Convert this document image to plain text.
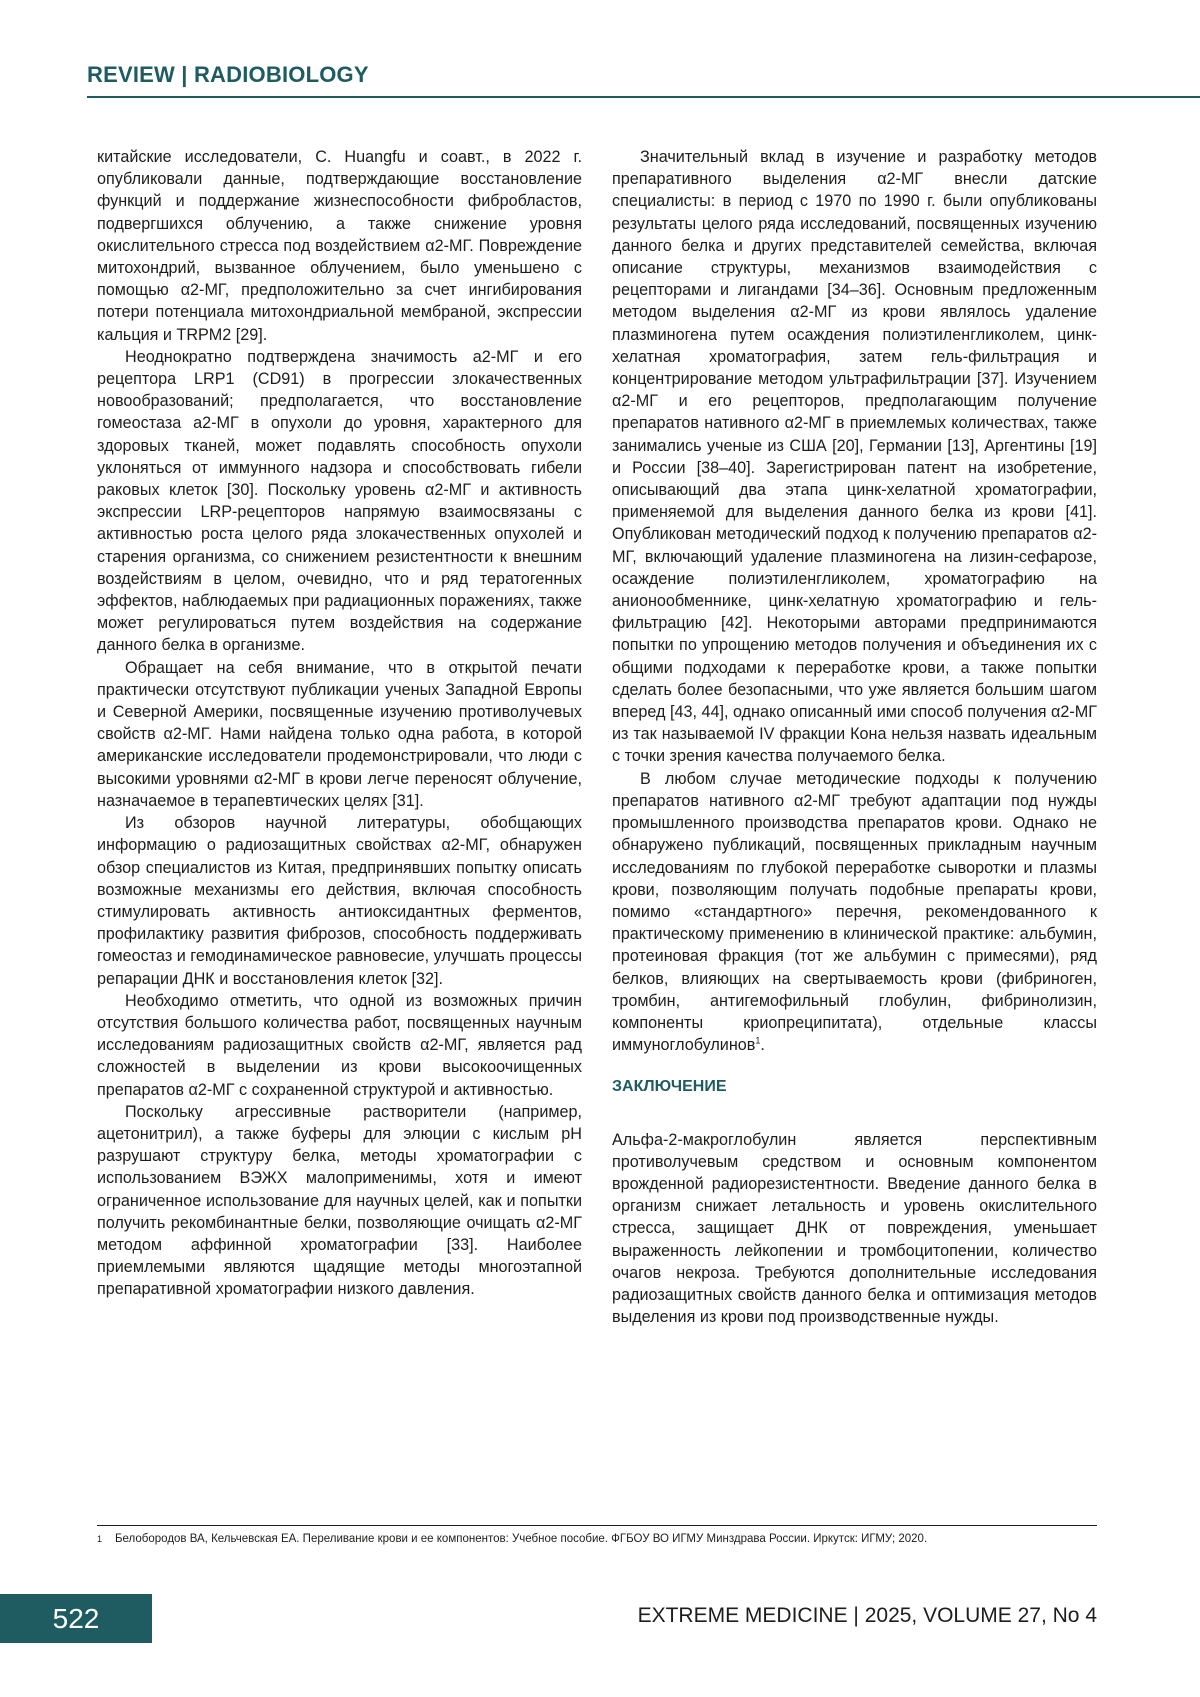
REVIEW | RADIOBIOLOGY

китайские исследователи, C. Huangfu и соавт., в 2022 г. опубликовали данные, подтверждающие восстановление функций и поддержание жизнеспособности фибробластов, подвергшихся облучению, а также снижение уровня окислительного стресса под воздействием α2-МГ. Повреждение митохондрий, вызванное облучением, было уменьшено с помощью α2-МГ, предположительно за счет ингибирования потери потенциала митохондриальной мембраной, экспрессии кальция и TRPM2 [29].

Неоднократно подтверждена значимость a2-МГ и его рецептора LRP1 (CD91) в прогрессии злокачественных новообразований; предполагается, что восстановление гомеостаза a2-МГ в опухоли до уровня, характерного для здоровых тканей, может подавлять способность опухоли уклоняться от иммунного надзора и способствовать гибели раковых клеток [30]. Поскольку уровень α2-МГ и активность экспрессии LRP-рецепторов напрямую взаимосвязаны с активностью роста целого ряда злокачественных опухолей и старения организма, со снижением резистентности к внешним воздействиям в целом, очевидно, что и ряд тератогенных эффектов, наблюдаемых при радиационных поражениях, также может регулироваться путем воздействия на содержание данного белка в организме.

Обращает на себя внимание, что в открытой печати практически отсутствуют публикации ученых Западной Европы и Северной Америки, посвященные изучению противолучевых свойств α2-МГ. Нами найдена только одна работа, в которой американские исследователи продемонстрировали, что люди с высокими уровнями α2-МГ в крови легче переносят облучение, назначаемое в терапевтических целях [31].

Из обзоров научной литературы, обобщающих информацию о радиозащитных свойствах α2-МГ, обнаружен обзор специалистов из Китая, предпринявших попытку описать возможные механизмы его действия, включая способность стимулировать активность антиоксидантных ферментов, профилактику развития фиброзов, способность поддерживать гомеостаз и гемодинамическое равновесие, улучшать процессы репарации ДНК и восстановления клеток [32].

Необходимо отметить, что одной из возможных причин отсутствия большого количества работ, посвященных научным исследованиям радиозащитных свойств α2-МГ, является рад сложностей в выделении из крови высокоочищенных препаратов α2-МГ с сохраненной структурой и активностью.

Поскольку агрессивные растворители (например, ацетонитрил), а также буферы для элюции с кислым pH разрушают структуру белка, методы хроматографии с использованием ВЭЖХ малоприменимы, хотя и имеют ограниченное использование для научных целей, как и попытки получить рекомбинантные белки, позволяющие очищать α2-МГ методом аффинной хроматографии [33]. Наиболее приемлемыми являются щадящие методы многоэтапной препаративной хроматографии низкого давления.

Значительный вклад в изучение и разработку методов препаративного выделения α2-МГ внесли датские специалисты: в период с 1970 по 1990 г. были опубликованы результаты целого ряда исследований, посвященных изучению данного белка и других представителей семейства, включая описание структуры, механизмов взаимодействия с рецепторами и лигандами [34–36]. Основным предложенным методом выделения α2-МГ из крови являлось удаление плазминогена путем осаждения полиэтиленгликолем, цинк-хелатная хроматография, затем гель-фильтрация и концентрирование методом ультрафильтрации [37]. Изучением α2-МГ и его рецепторов, предполагающим получение препаратов нативного α2-МГ в приемлемых количествах, также занимались ученые из США [20], Германии [13], Аргентины [19] и России [38–40]. Зарегистрирован патент на изобретение, описывающий два этапа цинк-хелатной хроматографии, применяемой для выделения данного белка из крови [41]. Опубликован методический подход к получению препаратов α2-МГ, включающий удаление плазминогена на лизин-сефарозе, осаждение полиэтиленгликолем, хроматографию на анионообменнике, цинк-хелатную хроматографию и гель-фильтрацию [42]. Некоторыми авторами предпринимаются попытки по упрощению методов получения и объединения их с общими подходами к переработке крови, а также попытки сделать более безопасными, что уже является большим шагом вперед [43, 44], однако описанный ими способ получения α2-МГ из так называемой IV фракции Кона нельзя назвать идеальным с точки зрения качества получаемого белка.

В любом случае методические подходы к получению препаратов нативного α2-МГ требуют адаптации под нужды промышленного производства препаратов крови. Однако не обнаружено публикаций, посвященных прикладным научным исследованиям по глубокой переработке сыворотки и плазмы крови, позволяющим получать подобные препараты крови, помимо «стандартного» перечня, рекомендованного к практическому применению в клинической практике: альбумин, протеиновая фракция (тот же альбумин с примесями), ряд белков, влияющих на свертываемость крови (фибриноген, тромбин, антигемофильный глобулин, фибринолизин, компоненты криопреципитата), отдельные классы иммуноглобулинов$^1$.

ЗАКЛЮЧЕНИЕ

Альфа-2-макроглобулин является перспективным противолучевым средством и основным компонентом врожденной радиорезистентности. Введение данного белка в организм снижает летальность и уровень окислительного стресса, защищает ДНК от повреждения, уменьшает выраженность лейкопении и тромбоцитопении, количество очагов некроза. Требуются дополнительные исследования радиозащитных свойств данного белка и оптимизация методов выделения из крови под производственные нужды.

1 Белобородов ВА, Кельчевская ЕА. Переливание крови и ее компонентов: Учебное пособие. ФГБОУ ВО ИГМУ Минздрава России. Иркутск: ИГМУ; 2020.
522	EXTREME MEDICINE | 2025, VOLUME 27, No 4
